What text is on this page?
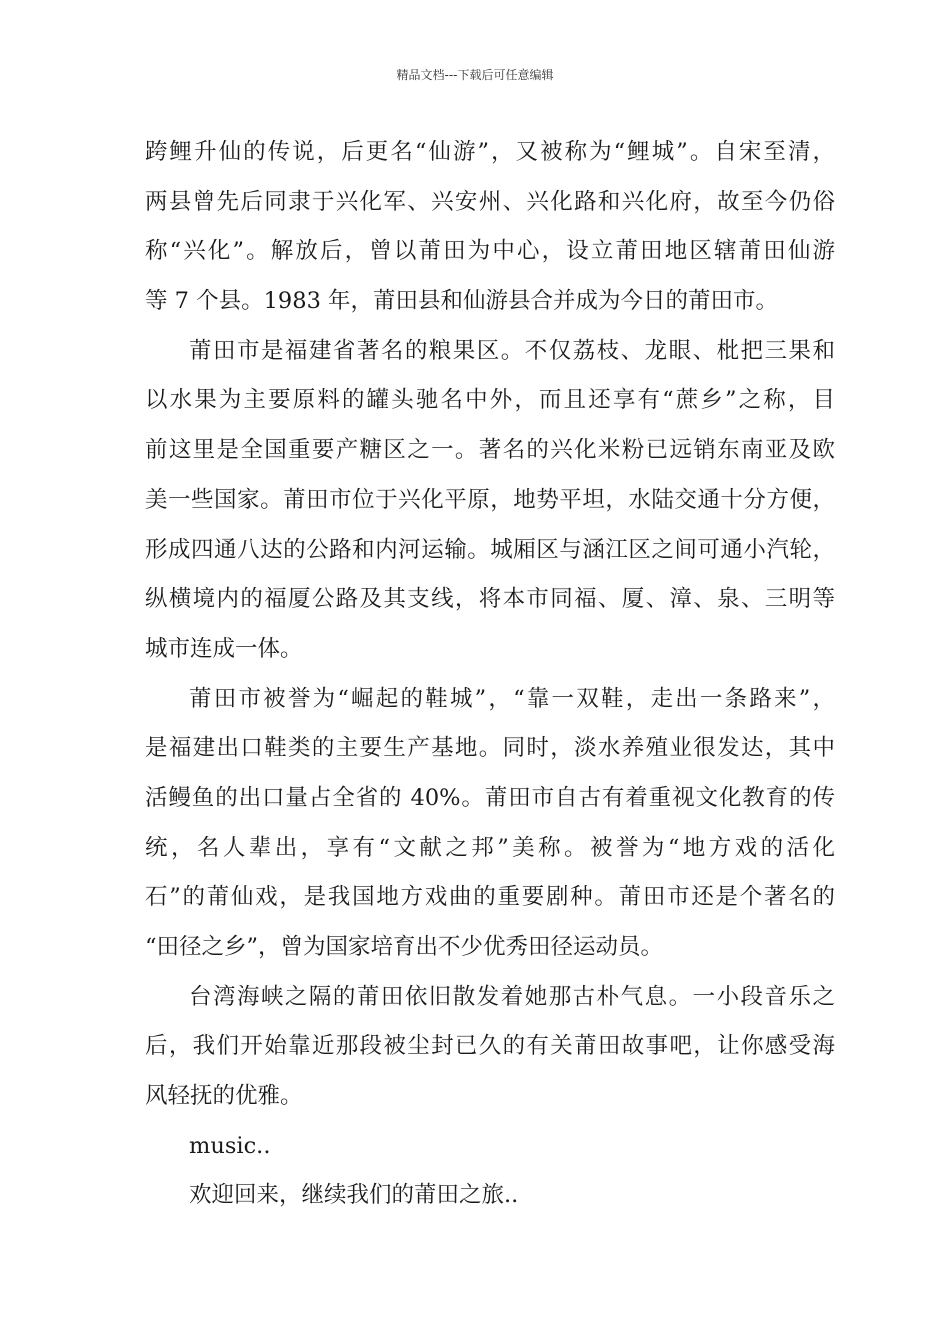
精品文档---下载后可任意编辑
跨鲤升仙的传说，后更名“仙游”，又被称为“鲤城”。自宋至清，
两县曾先后同隶于兴化军、兴安州、兴化路和兴化府，故至今仍俗
称“兴化”。解放后，曾以莆田为中心，设立莆田地区辖莆田仙游
等 7 个县。1983 年，莆田县和仙游县合并成为今日的莆田市。
莆田市是福建省著名的粮果区。不仅荔枝、龙眼、枇把三果和
以水果为主要原料的罐头驰名中外，而且还享有“蔗乡”之称，目
前这里是全国重要产糖区之一。著名的兴化米粉已远销东南亚及欧
美一些国家。莆田市位于兴化平原，地势平坦，水陆交通十分方便，
形成四通八达的公路和内河运输。城厢区与涵江区之间可通小汽轮，
纵横境内的福厦公路及其支线，将本市同福、厦、漳、泉、三明等
城市连成一体。
莆田市被誉为“崛起的鞋城”，“靠一双鞋，走出一条路来”，
是福建出口鞋类的主要生产基地。同时，淡水养殖业很发达，其中
活鳗鱼的出口量占全省的 40%。莆田市自古有着重视文化教育的传
统，名人辈出，享有“文献之邦”美称。被誉为“地方戏的活化
石”的莆仙戏，是我国地方戏曲的重要剧种。莆田市还是个著名的
“田径之乡”，曾为国家培育出不少优秀田径运动员。
台湾海峡之隔的莆田依旧散发着她那古朴气息。一小段音乐之
后，我们开始靠近那段被尘封已久的有关莆田故事吧，让你感受海
风轻抚的优雅。
music..
欢迎回来，继续我们的莆田之旅..
